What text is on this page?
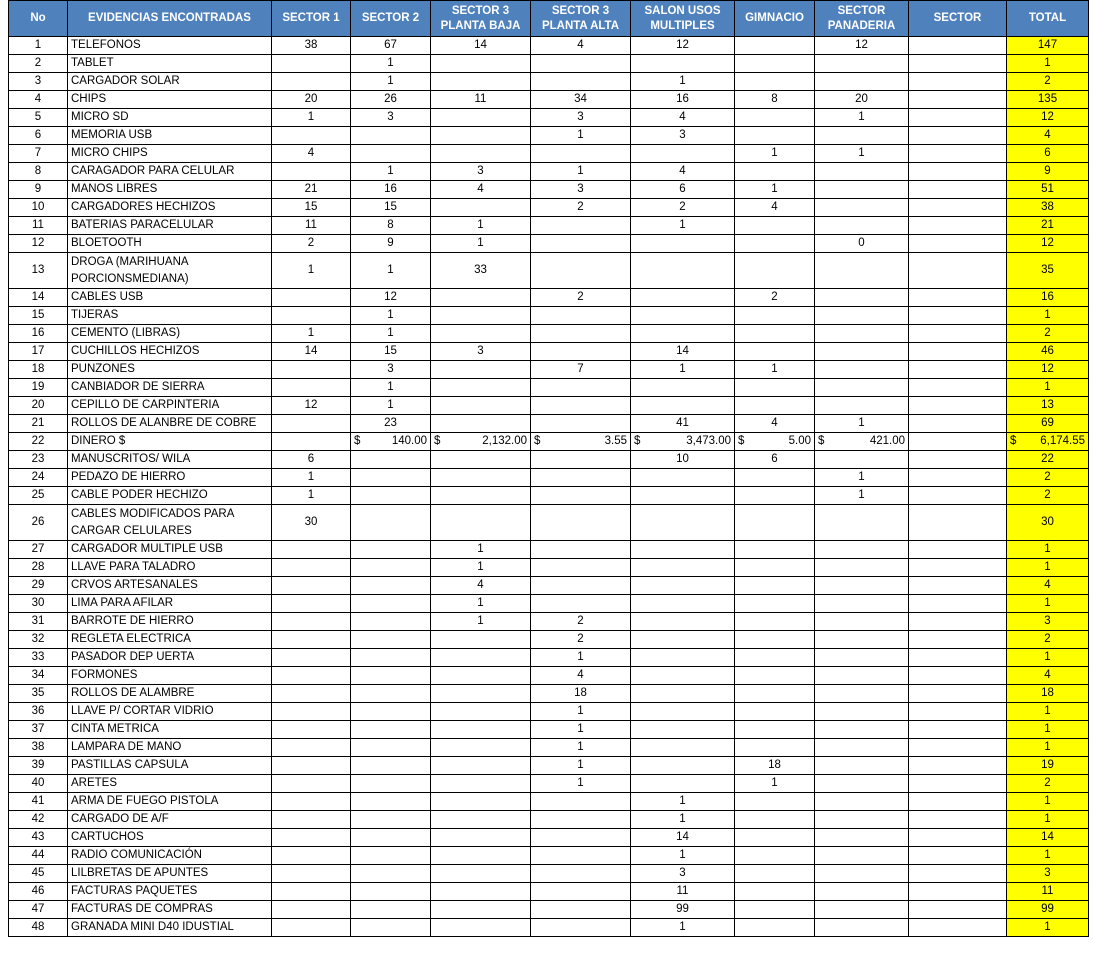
No	EVIDENCIAS ENCONTRADAS	SECTOR 1	SECTOR 2	SECTOR 3 PLANTA BAJA	SECTOR 3 PLANTA ALTA	SALON USOS MULTIPLES	GIMNACIO	SECTOR PANADERIA	SECTOR	TOTAL
1	TELEFONOS	38	67	14	4	12		12		147
2	TABLET		1							1
3	CARGADOR SOLAR		1			1				2
4	CHIPS	20	26	11	34	16	8	20		135
5	MICRO SD	1	3		3	4		1		12
6	MEMORIA USB				1	3				4
7	MICRO CHIPS	4					1	1		6
8	CARAGADOR PARA CELULAR		1	3	1	4				9
9	MANOS LIBRES	21	16	4	3	6	1			51
10	CARGADORES HECHIZOS	15	15		2	2	4			38
11	BATERIAS PARACELULAR	11	8	1		1				21
12	BLOETOOTH	2	9	1				0		12
13	DROGA (MARIHUANA PORCIONSMEDIANA)	1	1	33						35
14	CABLES USB		12		2		2			16
15	TIJERAS		1							1
16	CEMENTO (LIBRAS)	1	1							2
17	CUCHILLOS HECHIZOS	14	15	3		14				46
18	PUNZONES		3		7	1	1			12
19	CANBIADOR DE SIERRA		1							1
20	CEPILLO DE CARPINTERIA	12	1							13
21	ROLLOS DE ALANBRE DE COBRE		23			41	4	1		69
22	DINERO $		$ 140.00	$ 2,132.00	$ 3.55	$ 3,473.00	$ 5.00	$ 421.00		$ 6,174.55

23	MANUSCRITOS/ WILA	6				10	6			22
24	PEDAZO DE HIERRO	1						1		2
25	CABLE PODER HECHIZO	1						1		2
26	CABLES MODIFICADOS PARA CARGAR CELULARES	30								30
27	CARGADOR MULTIPLE USB			1						1
28	LLAVE PARA TALADRO			1						1
29	CRVOS ARTESANALES			4						4
30	LIMA PARA AFILAR			1						1
31	BARROTE DE HIERRO			1	2					3
32	REGLETA ELECTRICA				2					2
33	PASADOR DEP UERTA				1					1
34	FORMONES				4					4
35	ROLLOS DE ALAMBRE				18					18
36	LLAVE P/ CORTAR VIDRIO				1					1
37	CINTA METRICA				1					1
38	LAMPARA DE MANO				1					1
39	PASTILLAS CAPSULA				1		18			19
40	ARETES				1		1			2
41	ARMA DE FUEGO PISTOLA					1				1
42	CARGADO DE A/F					1				1
43	CARTUCHOS					14				14
44	RADIO COMUNICACIÓN					1				1
45	LILBRETAS DE APUNTES					3				3
46	FACTURAS PAQUETES					11				11
47	FACTURAS DE COMPRAS					99				99
48	GRANADA MINI D40 IDUSTIAL					1				1
